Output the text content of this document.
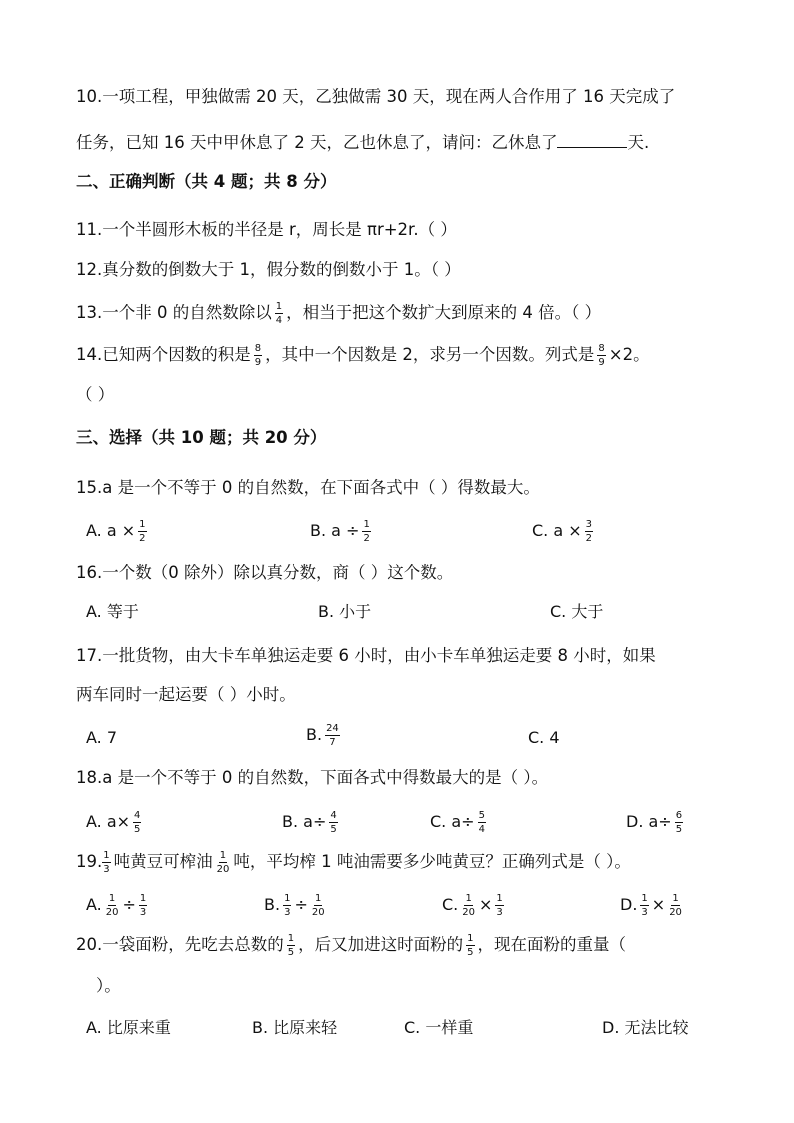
10.一项工程，甲独做需 20 天，乙独做需 30 天，现在两人合作用了 16 天完成了
任务，已知 16 天中甲休息了 2 天，乙也休息了，请问：乙休息了	天.
二、正确判断（共 4 题；共 8 分）
11.一个半圆形木板的半径是 r，周长是 πr+2r.（ ）
12.真分数的倒数大于 1，假分数的倒数小于 1。（ ）
13.一个非 0 的自然数除以 $\frac{1}{4}$ ，相当于把这个数扩大到原来的 4 倍。（ ）
14.已知两个因数的积是 $\frac{8}{9}$ ，其中一个因数是 2，求另一个因数。列式是 $\frac{8}{9} \times 2$。
（ ）
三、选择（共 10 题；共 20 分）
15.a 是一个不等于 0 的自然数，在下面各式中（ ）得数最大。
A. $a \times \frac{1}{2}$	B. $a \div \frac{1}{2}$	C. $a \times \frac{3}{2}$
16.一个数（0 除外）除以真分数，商（ ）这个数。
A. 等于	B. 小于	C. 大于
17.一批货物，由大卡车单独运走要 6 小时，由小卡车单独运走要 8 小时，如果
两车同时一起运要（ ）小时。
A. 7	B. $\frac{24}{7}$	C. 4
18.a 是一个不等于 0 的自然数，下面各式中得数最大的是（ ）。
A. $a\times \frac{4}{5}$	B. $a\div \frac{4}{5}$	C. $a\div \frac{5}{4}$	D. $a\div \frac{6}{5}$
19. $\frac{1}{3}$ 吨黄豆可榨油 $\frac{1}{20}$ 吨，平均榨 1 吨油需要多少吨黄豆？正确列式是（ ）。
A. $\frac{1}{20} \div \frac{1}{3}$	B. $\frac{1}{3} \div \frac{1}{20}$	C. $\frac{1}{20} \times \frac{1}{3}$	D. $\frac{1}{3} \times \frac{1}{20}$
20.一袋面粉，先吃去总数的 $\frac{1}{5}$ ，后又加进这时面粉的 $\frac{1}{5}$ ，现在面粉的重量（
）。
A. 比原来重	B. 比原来轻	C. 一样重	D. 无法比较
